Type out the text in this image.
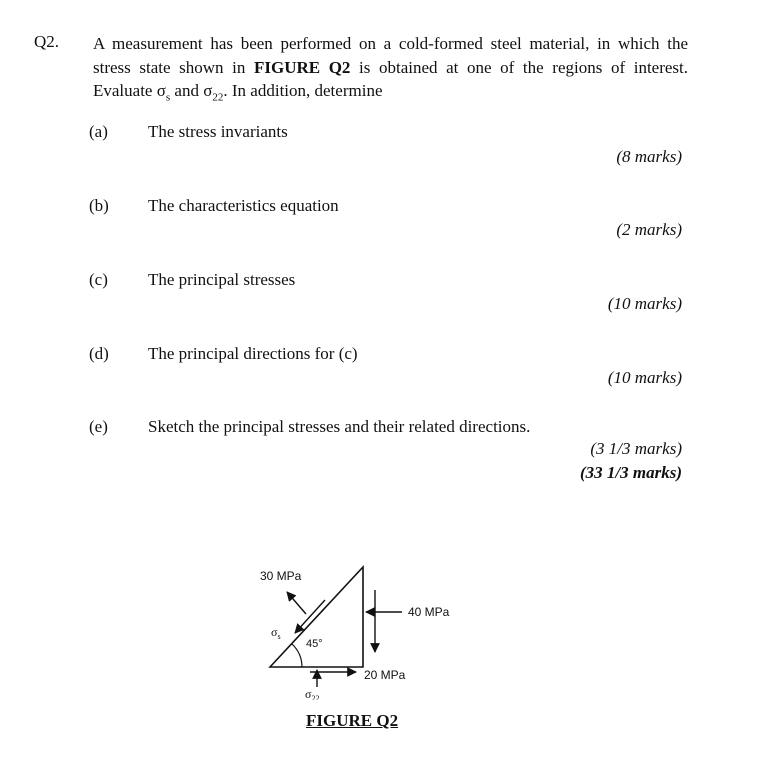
Q2. A measurement has been performed on a cold-formed steel material, in which the stress state shown in FIGURE Q2 is obtained at one of the regions of interest. Evaluate $\sigma_s$ and $\sigma_{22}$. In addition, determine
(a) The stress invariants
(8 marks)
(b) The characteristics equation
(2 marks)
(c) The principal stresses
(10 marks)
(d) The principal directions for (c)
(10 marks)
(e) Sketch the principal stresses and their related directions.
(3 1/3 marks)
(33 1/3 marks)
30 MPa
40 MPa
20 MPa
45°
$\sigma_s$
$\sigma_{22}$
FIGURE Q2
